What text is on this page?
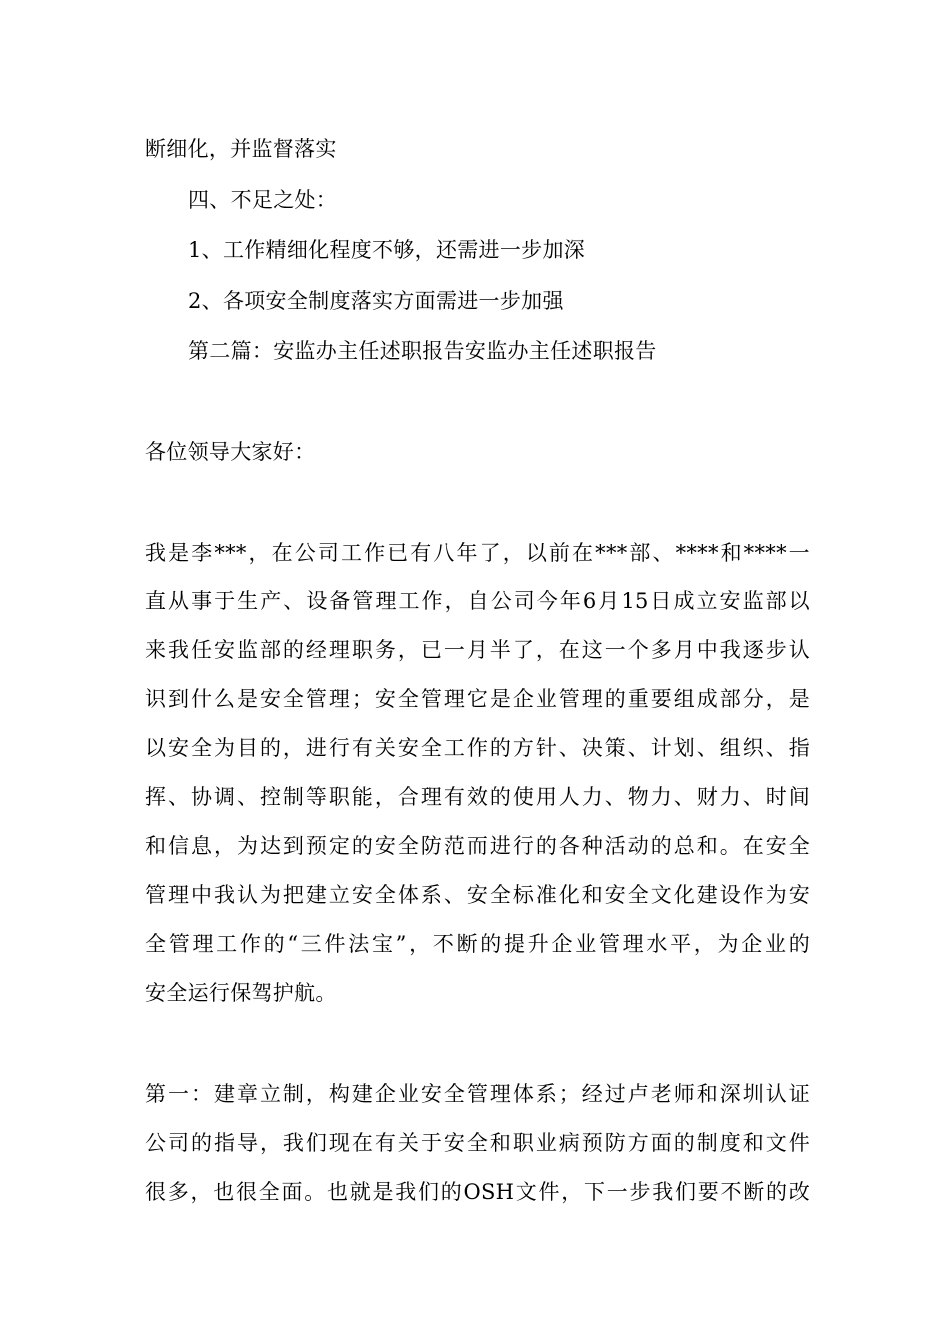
断细化，并监督落实
四、不足之处：
1、工作精细化程度不够，还需进一步加深
2、各项安全制度落实方面需进一步加强
第二篇：安监办主任述职报告安监办主任述职报告
各位领导大家好：
我是李***，在公司工作已有八年了，以前在***部、****和****一
直从事于生产、设备管理工作，自公司今年6月15日成立安监部以
来我任安监部的经理职务，已一月半了，在这一个多月中我逐步认
识到什么是安全管理；安全管理它是企业管理的重要组成部分，是
以安全为目的，进行有关安全工作的方针、决策、计划、组织、指
挥、协调、控制等职能，合理有效的使用人力、物力、财力、时间
和信息，为达到预定的安全防范而进行的各种活动的总和。在安全
管理中我认为把建立安全体系、安全标准化和安全文化建设作为安
全管理工作的“三件法宝”，不断的提升企业管理水平，为企业的
安全运行保驾护航。
第一：建章立制，构建企业安全管理体系；经过卢老师和深圳认证
公司的指导，我们现在有关于安全和职业病预防方面的制度和文件
很多，也很全面。也就是我们的OSH文件，下一步我们要不断的改
